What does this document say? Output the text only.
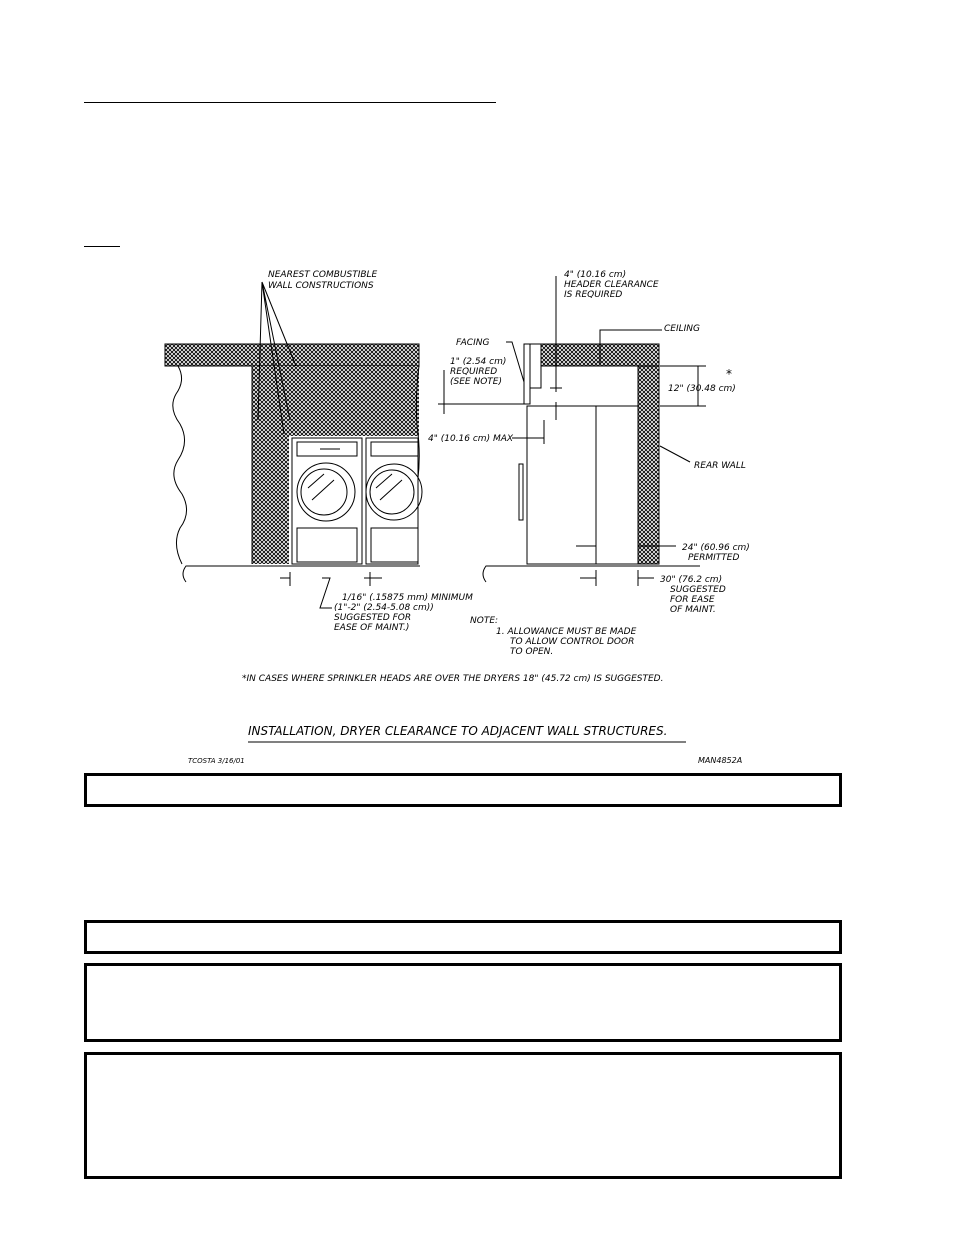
NEAREST COMBUSTIBLE
WALL CONSTRUCTIONS
4" (10.16 cm)
HEADER CLEARANCE
IS REQUIRED
CEILING
FACING
1" (2.54 cm)
REQUIRED
(SEE NOTE)
12" (30.48 cm)
*
4" (10.16 cm) MAX
REAR WALL
24" (60.96 cm)
PERMITTED
30" (76.2 cm)
SUGGESTED
FOR EASE
OF MAINT.
1/16" (.15875 mm) MINIMUM
(1"-2" (2.54-5.08 cm))
SUGGESTED FOR
EASE OF MAINT.)
NOTE:
1. ALLOWANCE MUST BE MADE
TO ALLOW CONTROL DOOR
TO OPEN.
*IN CASES WHERE SPRINKLER HEADS ARE OVER THE DRYERS 18" (45.72 cm) IS SUGGESTED.
INSTALLATION, DRYER CLEARANCE TO ADJACENT WALL STRUCTURES.
TCOSTA 3/16/01	MAN4852A
